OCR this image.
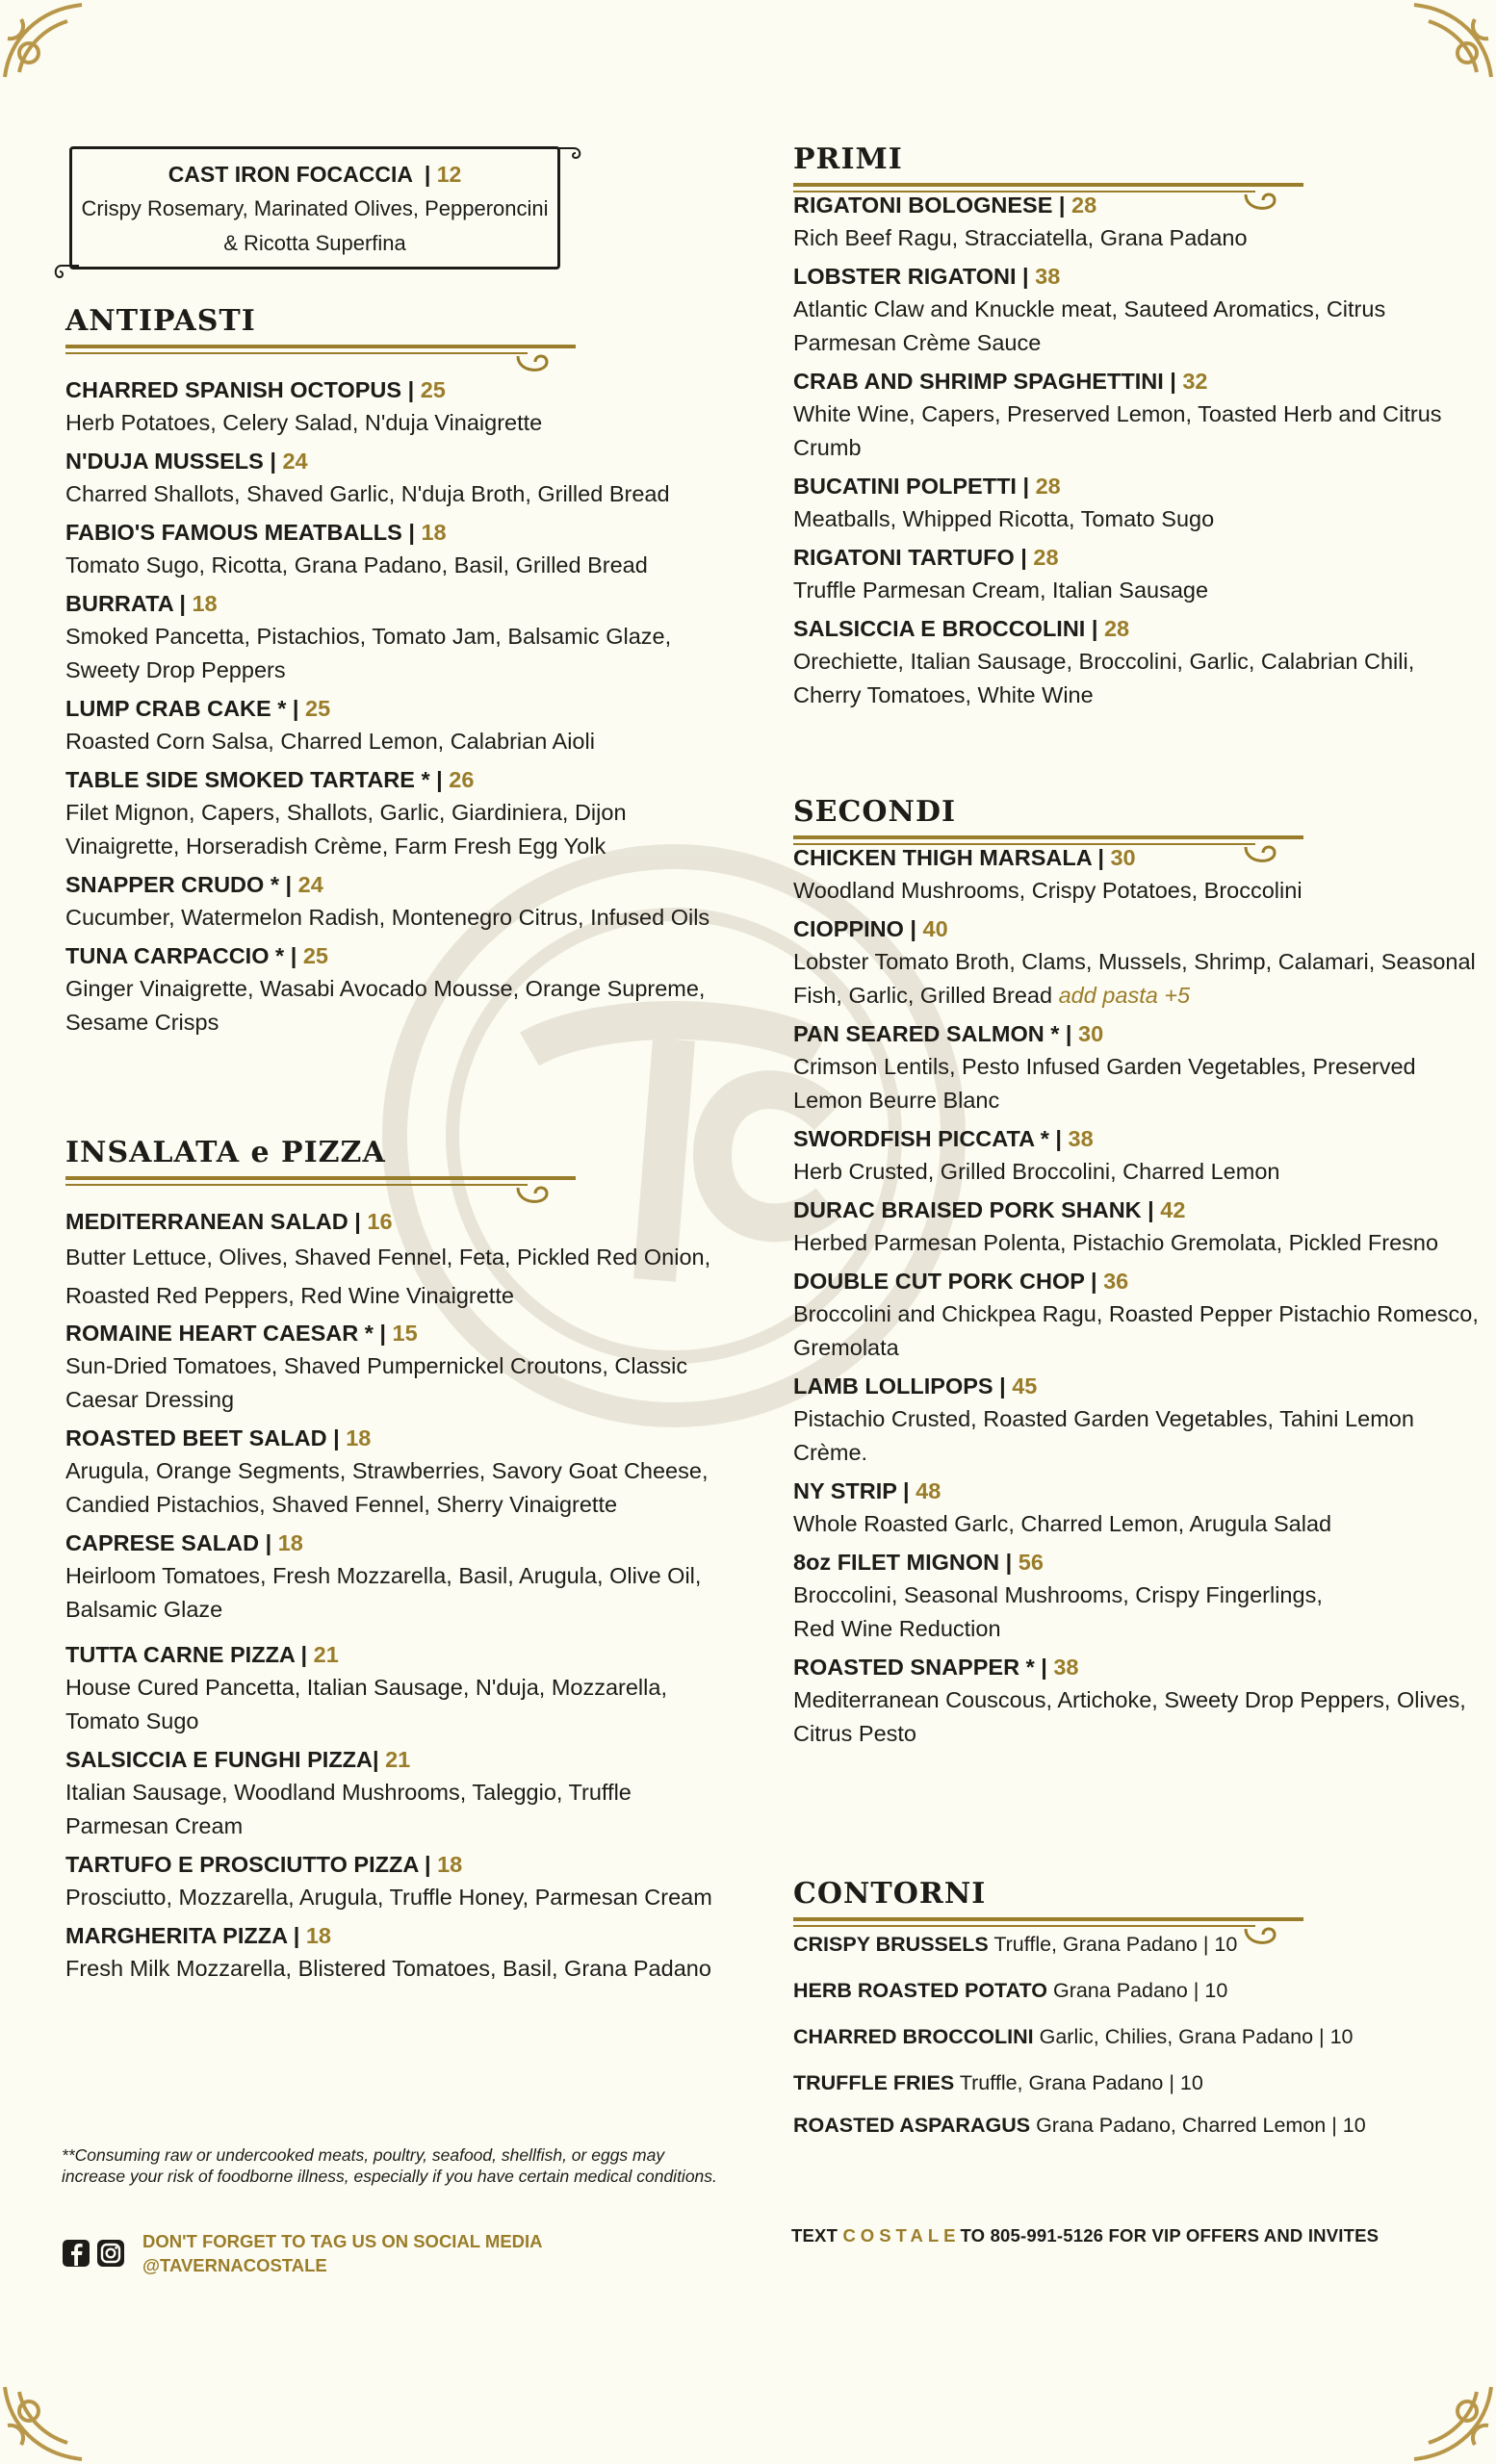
CAST IRON FOCACCIA | 12
Crispy Rosemary, Marinated Olives, Pepperoncini
& Ricotta Superfina
ANTIPASTI
CHARRED SPANISH OCTOPUS | 25
Herb Potatoes, Celery Salad, N'duja Vinaigrette
N'DUJA MUSSELS | 24
Charred Shallots, Shaved Garlic, N'duja Broth, Grilled Bread
FABIO'S FAMOUS MEATBALLS | 18
Tomato Sugo, Ricotta, Grana Padano, Basil, Grilled Bread
BURRATA | 18
Smoked Pancetta, Pistachios, Tomato Jam, Balsamic Glaze, Sweety Drop Peppers
LUMP CRAB CAKE * | 25
Roasted Corn Salsa, Charred Lemon, Calabrian Aioli
TABLE SIDE SMOKED TARTARE * | 26
Filet Mignon, Capers, Shallots, Garlic, Giardiniera, Dijon Vinaigrette, Horseradish Crème, Farm Fresh Egg Yolk
SNAPPER CRUDO * | 24
Cucumber, Watermelon Radish, Montenegro Citrus, Infused Oils
TUNA CARPACCIO * | 25
Ginger Vinaigrette, Wasabi Avocado Mousse, Orange Supreme, Sesame Crisps
INSALATA e PIZZA
MEDITERRANEAN SALAD | 16
Butter Lettuce, Olives, Shaved Fennel, Feta, Pickled Red Onion, Roasted Red Peppers, Red Wine Vinaigrette
ROMAINE HEART CAESAR * | 15
Sun-Dried Tomatoes, Shaved Pumpernickel Croutons, Classic Caesar Dressing
ROASTED BEET SALAD | 18
Arugula, Orange Segments, Strawberries, Savory Goat Cheese, Candied Pistachios, Shaved Fennel, Sherry Vinaigrette
CAPRESE SALAD | 18
Heirloom Tomatoes, Fresh Mozzarella, Basil, Arugula, Olive Oil, Balsamic Glaze
TUTTA CARNE PIZZA | 21
House Cured Pancetta, Italian Sausage, N'duja, Mozzarella, Tomato Sugo
SALSICCIA E FUNGHI PIZZA| 21
Italian Sausage, Woodland Mushrooms, Taleggio, Truffle Parmesan Cream
TARTUFO E PROSCIUTTO PIZZA | 18
Prosciutto, Mozzarella, Arugula, Truffle Honey, Parmesan Cream
MARGHERITA PIZZA | 18
Fresh Milk Mozzarella, Blistered Tomatoes, Basil, Grana Padano
PRIMI
RIGATONI BOLOGNESE | 28
Rich Beef Ragu, Stracciatella, Grana Padano
LOBSTER RIGATONI | 38
Atlantic Claw and Knuckle meat, Sauteed Aromatics, Citrus Parmesan Crème Sauce
CRAB AND SHRIMP SPAGHETTINI | 32
White Wine, Capers, Preserved Lemon, Toasted Herb and Citrus Crumb
BUCATINI POLPETTI | 28
Meatballs, Whipped Ricotta, Tomato Sugo
RIGATONI TARTUFO | 28
Truffle Parmesan Cream, Italian Sausage
SALSICCIA E BROCCOLINI | 28
Orechiette, Italian Sausage, Broccolini, Garlic, Calabrian Chili, Cherry Tomatoes, White Wine
SECONDI
CHICKEN THIGH MARSALA | 30
Woodland Mushrooms, Crispy Potatoes, Broccolini
CIOPPINO | 40
Lobster Tomato Broth, Clams, Mussels, Shrimp, Calamari, Seasonal Fish, Garlic, Grilled Bread add pasta +5
PAN SEARED SALMON * | 30
Crimson Lentils, Pesto Infused Garden Vegetables, Preserved Lemon Beurre Blanc
SWORDFISH PICCATA * | 38
Herb Crusted, Grilled Broccolini, Charred Lemon
DURAC BRAISED PORK SHANK | 42
Herbed Parmesan Polenta, Pistachio Gremolata, Pickled Fresno
DOUBLE CUT PORK CHOP | 36
Broccolini and Chickpea Ragu, Roasted Pepper Pistachio Romesco, Gremolata
LAMB LOLLIPOPS | 45
Pistachio Crusted, Roasted Garden Vegetables, Tahini Lemon Crème.
NY STRIP | 48
Whole Roasted Garlc, Charred Lemon, Arugula Salad
8oz FILET MIGNON | 56
Broccolini, Seasonal Mushrooms, Crispy Fingerlings, Red Wine Reduction
ROASTED SNAPPER * | 38
Mediterranean Couscous, Artichoke, Sweety Drop Peppers, Olives, Citrus Pesto
CONTORNI
CRISPY BRUSSELS Truffle, Grana Padano | 10
HERB ROASTED POTATO Grana Padano | 10
CHARRED BROCCOLINI Garlic, Chilies, Grana Padano | 10
TRUFFLE FRIES Truffle, Grana Padano | 10
ROASTED ASPARAGUS Grana Padano, Charred Lemon | 10
**Consuming raw or undercooked meats, poultry, seafood, shellfish, or eggs may increase your risk of foodborne illness, especially if you have certain medical conditions.
DON'T FORGET TO TAG US ON SOCIAL MEDIA
@TAVERNACOSTALE
TEXT COSTALETO 805-991-5126 FOR VIP OFFERS AND INVITES
